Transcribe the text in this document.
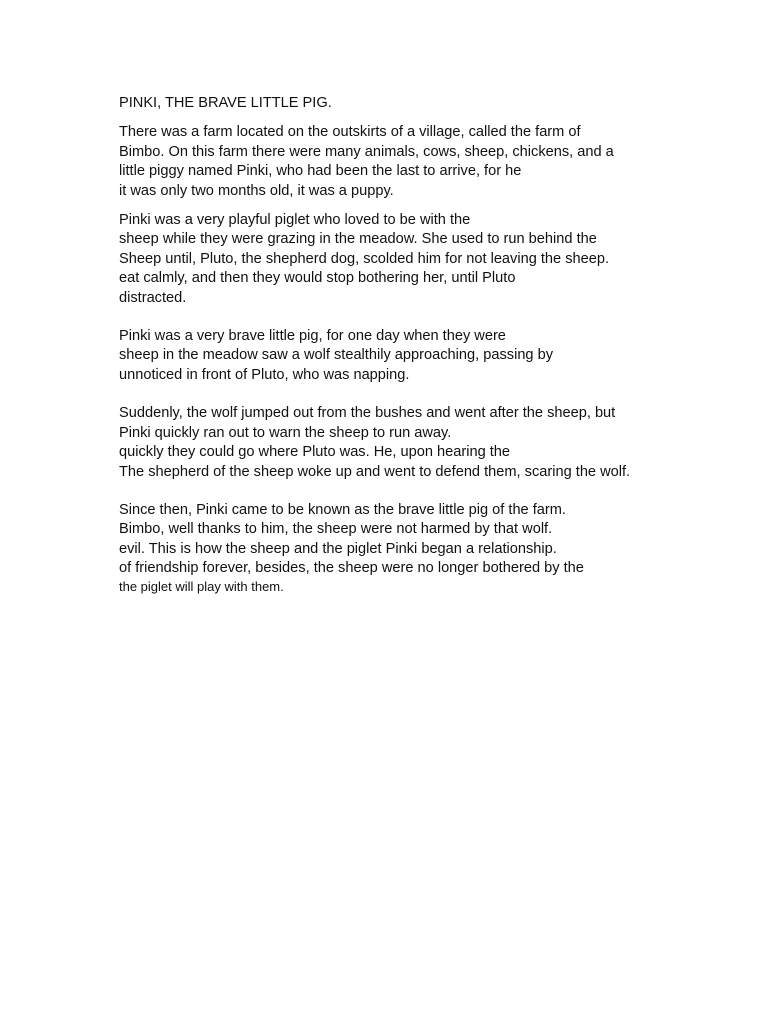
PINKI, THE BRAVE LITTLE PIG.

There was a farm located on the outskirts of a village, called the farm of
Bimbo. On this farm there were many animals, cows, sheep, chickens, and a
little piggy named Pinki, who had been the last to arrive, for he
it was only two months old, it was a puppy.

Pinki was a very playful piglet who loved to be with the
sheep while they were grazing in the meadow. She used to run behind the
Sheep until, Pluto, the shepherd dog, scolded him for not leaving the sheep.
eat calmly, and then they would stop bothering her, until Pluto
distracted.

Pinki was a very brave little pig, for one day when they were
sheep in the meadow saw a wolf stealthily approaching, passing by
unnoticed in front of Pluto, who was napping.

Suddenly, the wolf jumped out from the bushes and went after the sheep, but
Pinki quickly ran out to warn the sheep to run away.
quickly they could go where Pluto was. He, upon hearing the
The shepherd of the sheep woke up and went to defend them, scaring the wolf.

Since then, Pinki came to be known as the brave little pig of the farm.
Bimbo, well thanks to him, the sheep were not harmed by that wolf.
evil. This is how the sheep and the piglet Pinki began a relationship.
of friendship forever, besides, the sheep were no longer bothered by the
the piglet will play with them.
